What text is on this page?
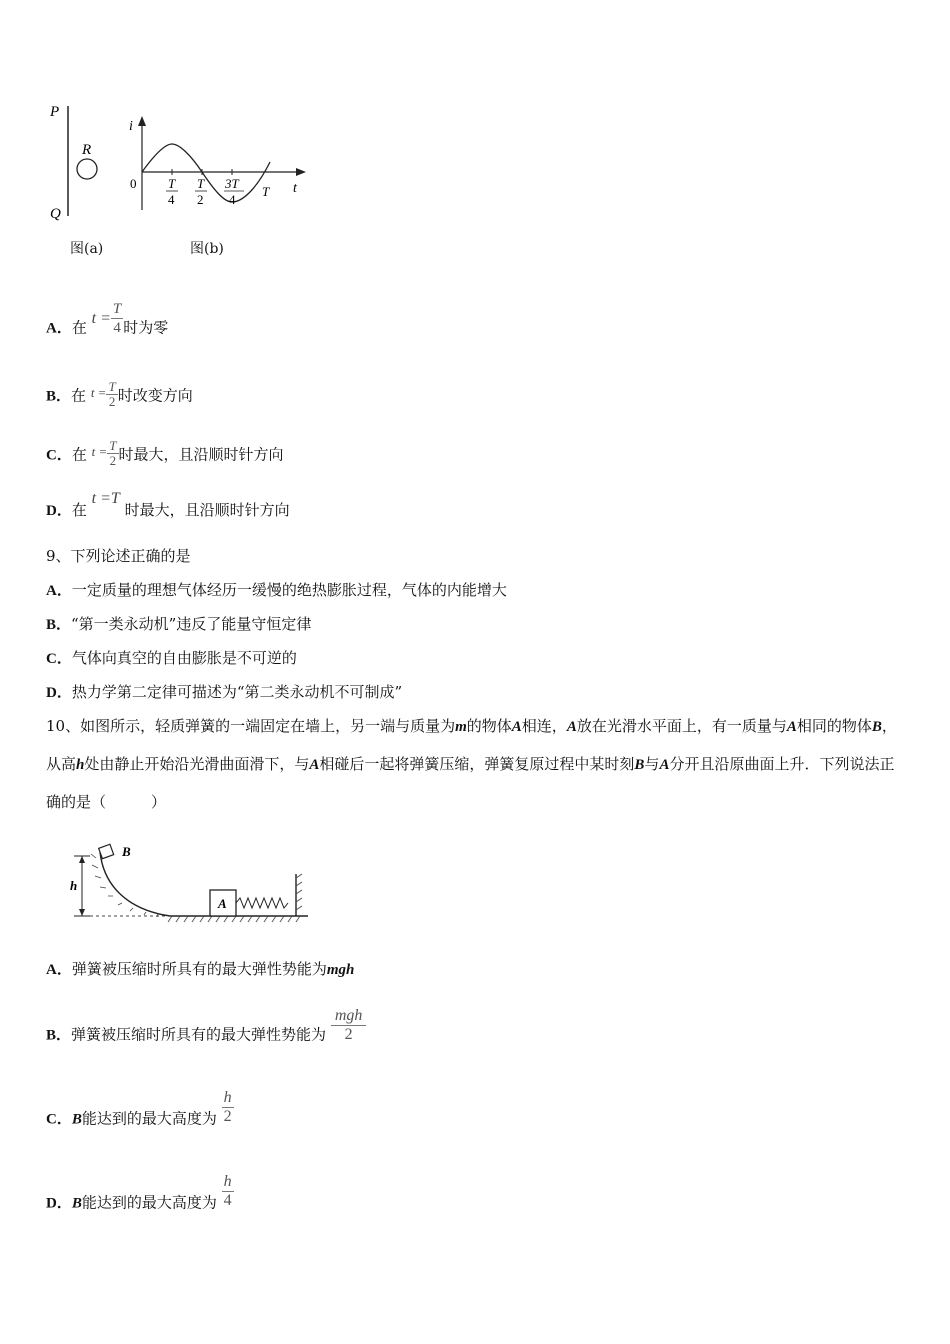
P
R
Q
图(a)
i
t
0 T
4
T
2
3T
4
T
图(b)
A．在 $t = \frac{T}{4}$ 时为零
B．在 $t = \frac{T}{2}$ 时改变方向
C．在 $t = \frac{T}{2}$ 时最大，且沿顺时针方向
D．在 t =T 时最大，且沿顺时针方向
9、下列论述正确的是
A．一定质量的理想气体经历一缓慢的绝热膨胀过程，气体的内能增大
B．“第一类永动机”违反了能量守恒定律
C．气体向真空的自由膨胀是不可逆的
D．热力学第二定律可描述为“第二类永动机不可制成”
10、如图所示，轻质弹簧的一端固定在墙上，另一端与质量为m的物体A相连，A放在光滑水平面上，有一质量与A相同的物体B，从高h处由静止开始沿光滑曲面滑下，与A相碰后一起将弹簧压缩，弹簧复原过程中某时刻B与A分开且沿原曲面上升．下列说法正确的是（　　　）
h
B
A
A．弹簧被压缩时所具有的最大弹性势能为mgh
B．弹簧被压缩时所具有的最大弹性势能为 $\frac{\text{mgh}}{2}$
C．B能达到的最大高度为 $\frac{h}{2}$
D．B能达到的最大高度为 $\frac{h}{4}$
